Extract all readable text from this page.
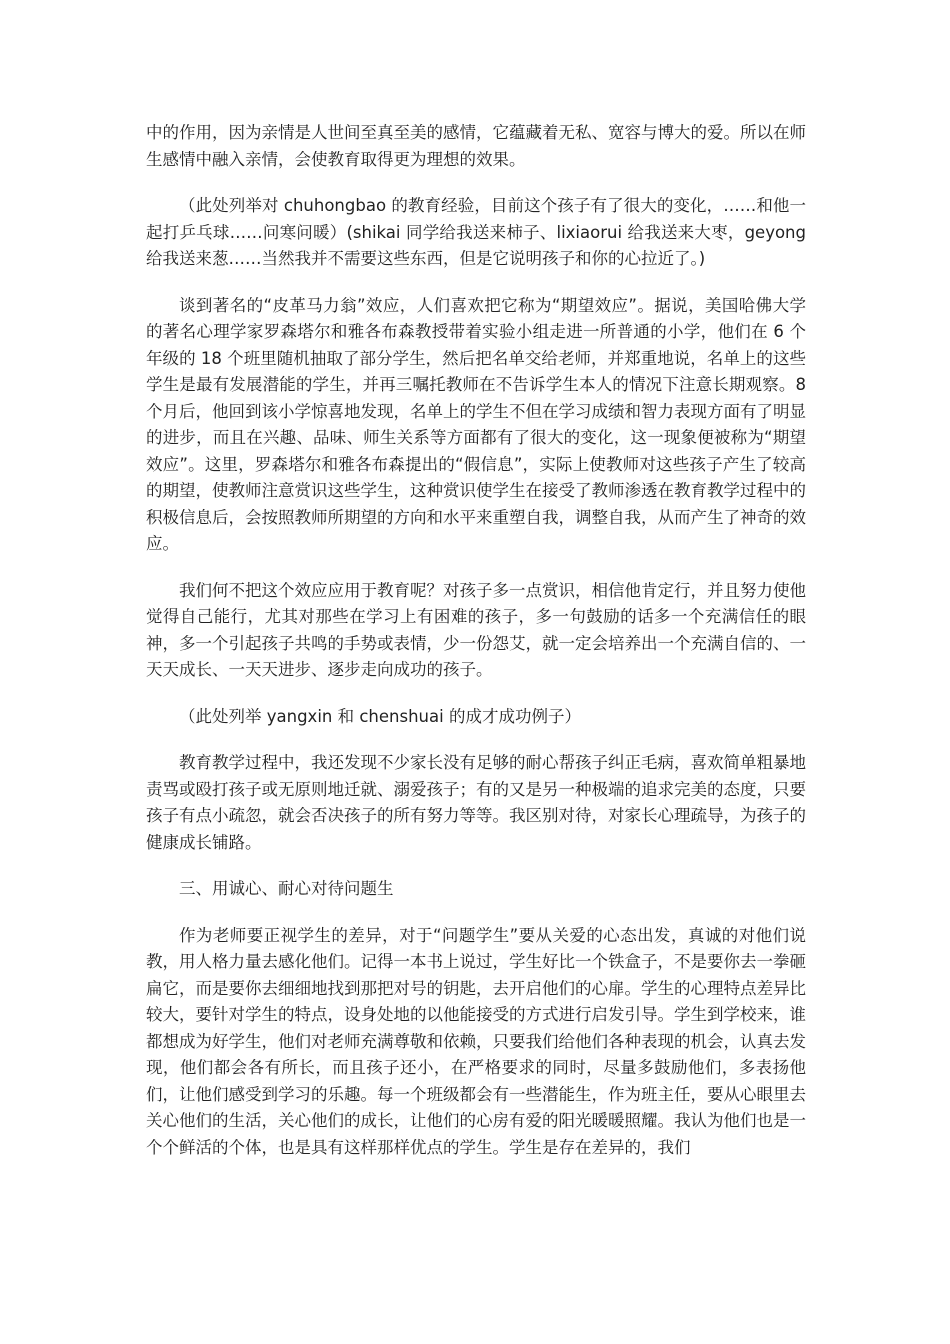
中的作用，因为亲情是人世间至真至美的感情，它蕴藏着无私、宽容与博大的爱。所以在师生感情中融入亲情，会使教育取得更为理想的效果。

（此处列举对 chuhongbao 的教育经验，目前这个孩子有了很大的变化，……和他一起打乒乓球……问寒问暖）(shikai 同学给我送来柿子、lixiaorui 给我送来大枣，geyong 给我送来葱……当然我并不需要这些东西，但是它说明孩子和你的心拉近了。)

谈到著名的“皮革马力翁”效应，人们喜欢把它称为“期望效应”。据说，美国哈佛大学的著名心理学家罗森塔尔和雅各布森教授带着实验小组走进一所普通的小学，他们在 6 个年级的 18 个班里随机抽取了部分学生，然后把名单交给老师，并郑重地说，名单上的这些学生是最有发展潜能的学生，并再三嘱托教师在不告诉学生本人的情况下注意长期观察。8 个月后，他回到该小学惊喜地发现，名单上的学生不但在学习成绩和智力表现方面有了明显的进步，而且在兴趣、品味、师生关系等方面都有了很大的变化，这一现象便被称为“期望效应”。这里，罗森塔尔和雅各布森提出的“假信息”，实际上使教师对这些孩子产生了较高的期望，使教师注意赏识这些学生，这种赏识使学生在接受了教师渗透在教育教学过程中的积极信息后，会按照教师所期望的方向和水平来重塑自我，调整自我，从而产生了神奇的效应。

我们何不把这个效应应用于教育呢？对孩子多一点赏识，相信他肯定行，并且努力使他觉得自己能行，尤其对那些在学习上有困难的孩子，多一句鼓励的话多一个充满信任的眼神，多一个引起孩子共鸣的手势或表情，少一份怨艾，就一定会培养出一个充满自信的、一天天成长、一天天进步、逐步走向成功的孩子。

（此处列举 yangxin 和 chenshuai 的成才成功例子）

教育教学过程中，我还发现不少家长没有足够的耐心帮孩子纠正毛病，喜欢简单粗暴地责骂或殴打孩子或无原则地迁就、溺爱孩子；有的又是另一种极端的追求完美的态度，只要孩子有点小疏忽，就会否决孩子的所有努力等等。我区别对待，对家长心理疏导，为孩子的健康成长铺路。

三、用诚心、耐心对待问题生

作为老师要正视学生的差异，对于“问题学生”要从关爱的心态出发，真诚的对他们说教，用人格力量去感化他们。记得一本书上说过，学生好比一个铁盒子，不是要你去一拳砸扁它，而是要你去细细地找到那把对号的钥匙，去开启他们的心扉。学生的心理特点差异比较大，要针对学生的特点，设身处地的以他能接受的方式进行启发引导。学生到学校来，谁都想成为好学生，他们对老师充满尊敬和依赖，只要我们给他们各种表现的机会，认真去发现，他们都会各有所长，而且孩子还小，在严格要求的同时，尽量多鼓励他们，多表扬他们，让他们感受到学习的乐趣。每一个班级都会有一些潜能生，作为班主任，要从心眼里去关心他们的生活，关心他们的成长，让他们的心房有爱的阳光暖暖照耀。我认为他们也是一个个鲜活的个体，也是具有这样那样优点的学生。学生是存在差异的，我们
